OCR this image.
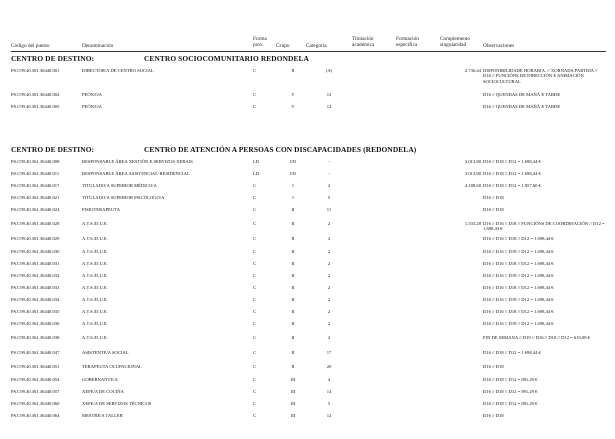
Código del puesto	Denominación
Forma
prov.	Grupo	Categoría
Titulación
académica
Formación
específica
Complemento
singularidad	Observaciones
CENTRO DE DESTINO:	CENTRO SOCIOCOMUNITARIO REDONDELA
PS.C99.40.361.36440.001	DIRECTOR/A DE CENTRO SOCIAL	C	II	(A)	2.736,44 DISPONIBILIDADE HORARIA. // XORNADA PARTIDA // D16 // FUNCIÓNS DE DIRECCIÓN E ANIMACIÓN SOCIOCULTURAL
PS.C99.40.361.36440.004	PEÓN/OA	C	V	12	D16 // QUENDAS DE MAÑÁ E TARDE
PS.C99.40.361.36440.005	PEÓN/OA	C	V	12	D16 // QUENDAS DE MAÑÁ E TARDE
CENTRO DE DESTINO:	CENTRO DE ATENCIÓN A PERSOAS CON DISCAPACIDADES (REDONDELA)
PS.C99.40.361.36440.008	RESPONSABLE ÁREA XESTIÓN E SERVIZOS XERAIS	LD	I/II	-	3.013,80 D16 // D18 // D12 = 1.698,44 €
PS.C99.40.361.36440.011	RESPONSABLE ÁREA ASISTENCIAL-RESIDENCIAL	LD	I/II	-	3.013,80 D16 // D18 // D12 = 1.698,44 €
PS.C99.40.361.36440.017	TITULADO/A SUPERIOR MÉDICO/A	C	I	2	4.188,60 D16 // D18 // D12 = 1.857,60 €
PS.C99.40.361.36440.021	TITULADO/A SUPERIOR PSICÓLOGO/A	C	I	5	D16 // D18
PS.C99.40.361.36440.024	FISIOTERAPEUTA	C	II	11	D16 // D18
PS.C99.40.361.36440.028	A.T.S./D.U.E.	C	II	2	1.535,28 D16 // D16 // D18 // FUNCIÓNS DE COORDINACIÓN // D12 = 1.698,44 €
PS.C99.40.361.36440.029	A.T.S./D.U.E.	C	II	2	D16 // D16 // D18 // D12 = 1.698,44 €
PS.C99.40.361.36440.030	A.T.S./D.U.E.	C	II	2	D16 // D16 // D18 // D12 = 1.698,44 €
PS.C99.40.361.36440.031	A.T.S./D.U.E.	C	II	2	D16 // D16 // D18 // D12 = 1.698,44 €
PS.C99.40.361.36440.032	A.T.S./D.U.E.	C	II	2	D16 // D16 // D18 // D12 = 1.698,44 €
PS.C99.40.361.36440.033	A.T.S./D.U.E.	C	II	2	D16 // D16 // D18 // D12 = 1.698,44 €
PS.C99.40.361.36440.034	A.T.S./D.U.E.	C	II	2	D16 // D16 // D18 // D12 = 1.698,44 €
PS.C99.40.361.36440.035	A.T.S./D.U.E.	C	II	2	D16 // D16 // D18 // D12 = 1.698,44 €
PS.C99.40.361.36440.036	A.T.S./D.U.E.	C	II	2	D16 // D16 // D18 // D12 = 1.698,44 €
PS.C99.40.361.36440.038	A.T.S./D.U.E.	C	II	2	FIN DE SEMANA // D19 // D16 // D18 // D12 = 610,08 €
PS.C99.40.361.36440.047	ASISTENTE/A SOCIAL	C	II	17	D16 // D18 // D12 = 1.698,44 €
PS.C99.40.361.36440.051	TERAPEUTA OCUPACIONAL	C	II	20	D16 // D18
PS.C99.40.361.36440.054	GOBERNANTE/A	C	III	4	D16 // D18 // D12 = 891,29 €
PS.C99.40.361.36440.057	XEFE/A DE COCIÑA	C	III	14	D16 // D18 // D12 = 891,29 €
PS.C99.40.361.36440.060	XEFE/A DE SERVIZOS TÉCNICOS	C	III	5	D16 // D18 // D12 = 891,29 €
PS.C99.40.361.36440.064	MESTRE/A TALLER	C	III	12	D16 // D18
